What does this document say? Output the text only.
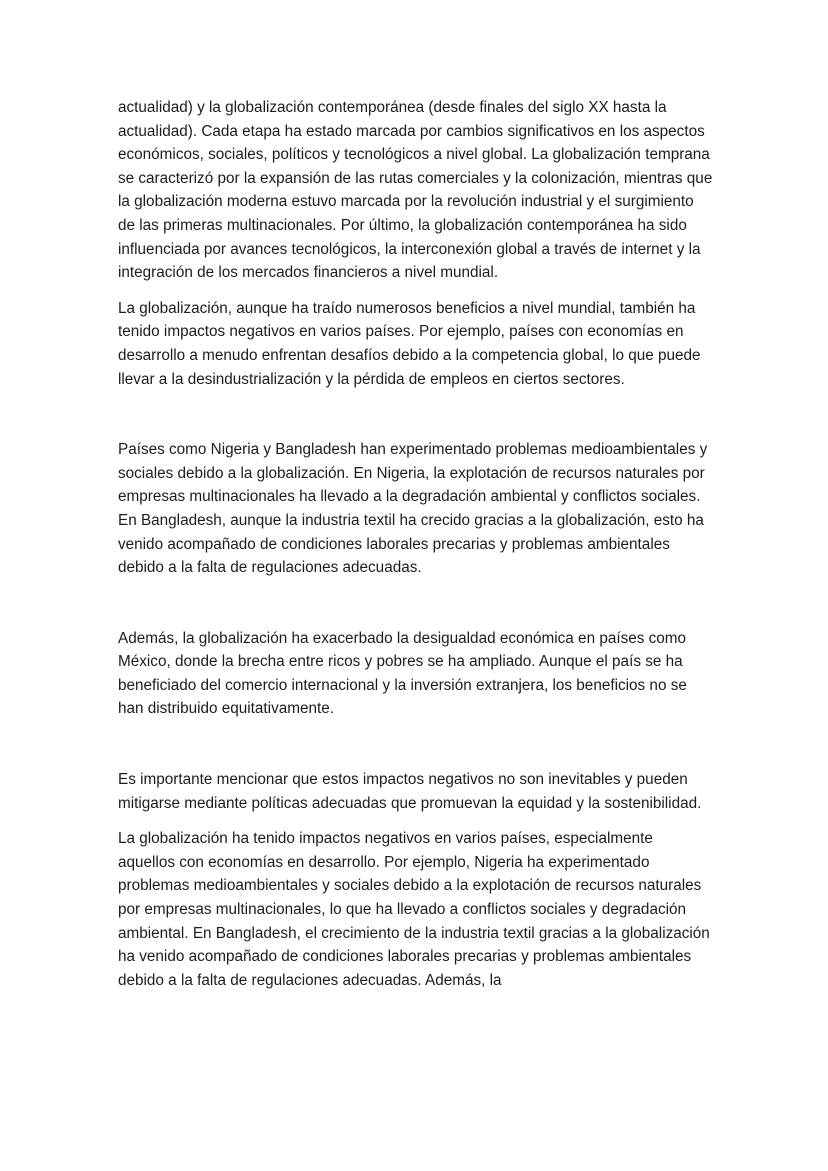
actualidad) y la globalización contemporánea (desde finales del siglo XX hasta la actualidad). Cada etapa ha estado marcada por cambios significativos en los aspectos económicos, sociales, políticos y tecnológicos a nivel global. La globalización temprana se caracterizó por la expansión de las rutas comerciales y la colonización, mientras que la globalización moderna estuvo marcada por la revolución industrial y el surgimiento de las primeras multinacionales. Por último, la globalización contemporánea ha sido influenciada por avances tecnológicos, la interconexión global a través de internet y la integración de los mercados financieros a nivel mundial.

La globalización, aunque ha traído numerosos beneficios a nivel mundial, también ha tenido impactos negativos en varios países. Por ejemplo, países con economías en desarrollo a menudo enfrentan desafíos debido a la competencia global, lo que puede llevar a la desindustrialización y la pérdida de empleos en ciertos sectores.

Países como Nigeria y Bangladesh han experimentado problemas medioambientales y sociales debido a la globalización. En Nigeria, la explotación de recursos naturales por empresas multinacionales ha llevado a la degradación ambiental y conflictos sociales. En Bangladesh, aunque la industria textil ha crecido gracias a la globalización, esto ha venido acompañado de condiciones laborales precarias y problemas ambientales debido a la falta de regulaciones adecuadas.

Además, la globalización ha exacerbado la desigualdad económica en países como México, donde la brecha entre ricos y pobres se ha ampliado. Aunque el país se ha beneficiado del comercio internacional y la inversión extranjera, los beneficios no se han distribuido equitativamente.

Es importante mencionar que estos impactos negativos no son inevitables y pueden mitigarse mediante políticas adecuadas que promuevan la equidad y la sostenibilidad.

La globalización ha tenido impactos negativos en varios países, especialmente aquellos con economías en desarrollo. Por ejemplo, Nigeria ha experimentado problemas medioambientales y sociales debido a la explotación de recursos naturales por empresas multinacionales, lo que ha llevado a conflictos sociales y degradación ambiental. En Bangladesh, el crecimiento de la industria textil gracias a la globalización ha venido acompañado de condiciones laborales precarias y problemas ambientales debido a la falta de regulaciones adecuadas. Además, la
